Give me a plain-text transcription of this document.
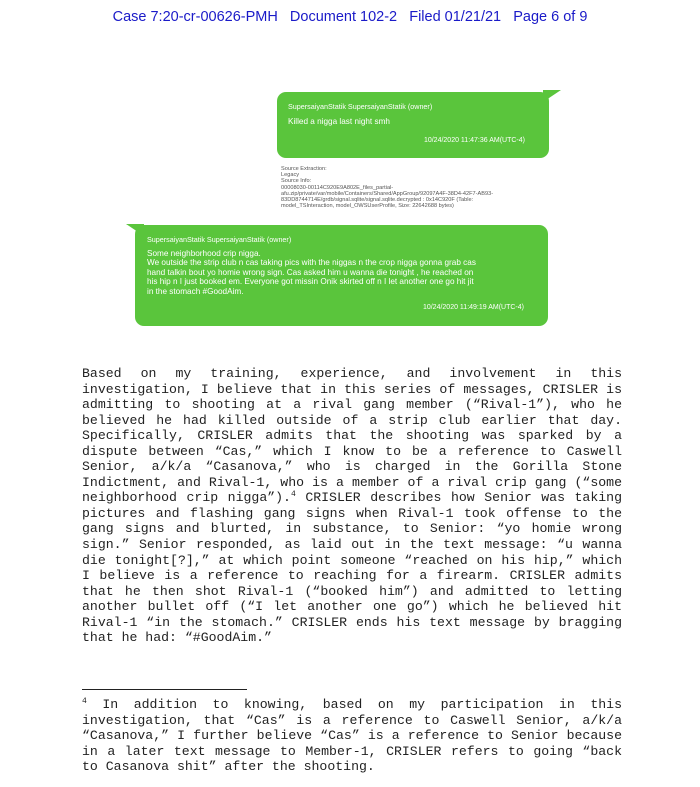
Case 7:20-cr-00626-PMH Document 102-2 Filed 01/21/21 Page 6 of 9
SupersaiyanStatik SupersaiyanStatik (owner)
Killed a nigga last night smh
10/24/2020 11:47:36 AM(UTC-4)
Source Extraction:
Legacy
Source Info:
00008030-00114C920E9A802E_files_partial-
afu.zip/private/var/mobile/Containers/Shared/AppGroup/92097A4F-38D4-42F7-AB93-
83DD8744714E/grdb/signal.sqlite/signal.sqlite.decrypted : 0x14C920F (Table:
model_TSInteraction, model_OWSUserProfile, Size: 22642688 bytes)
SupersaiyanStatik SupersaiyanStatik (owner)
Some neighborhood crip nigga.
We outside the strip club n cas taking pics with the niggas n the crop nigga gonna grab cas
hand talkin bout yo homie wrong sign. Cas asked him u wanna die tonight , he reached on
his hip n I just booked em. Everyone got missin Onik skirted off n I let another one go hit jit
in the stomach #GoodAim.
10/24/2020 11:49:19 AM(UTC-4)

Based on my training, experience, and involvement in this investigation, I believe that in this series of messages, CRISLER is admitting to shooting at a rival gang member (“Rival-1”), who he believed he had killed outside of a strip club earlier that day. Specifically, CRISLER admits that the shooting was sparked by a dispute between “Cas,” which I know to be a reference to Caswell Senior, a/k/a “Casanova,” who is charged in the Gorilla Stone Indictment, and Rival-1, who is a member of a rival crip gang (“some neighborhood crip nigga”).$^4$ CRISLER describes how Senior was taking pictures and flashing gang signs when Rival-1 took offense to the gang signs and blurted, in substance, to Senior: “yo homie wrong sign.” Senior responded, as laid out in the text message: “u wanna die tonight[?],” at which point someone “reached on his hip,” which I believe is a reference to reaching for a firearm. CRISLER admits that he then shot Rival-1 (“booked him”) and admitted to letting another bullet off (“I let another one go”) which he believed hit Rival-1 “in the stomach.” CRISLER ends his text message by bragging that he had: “#GoodAim.”

$^4$ In addition to knowing, based on my participation in this investigation, that “Cas” is a reference to Caswell Senior, a/k/a “Casanova,” I further believe “Cas” is a reference to Senior because in a later text message to Member-1, CRISLER refers to going “back to Casanova shit” after the shooting.
